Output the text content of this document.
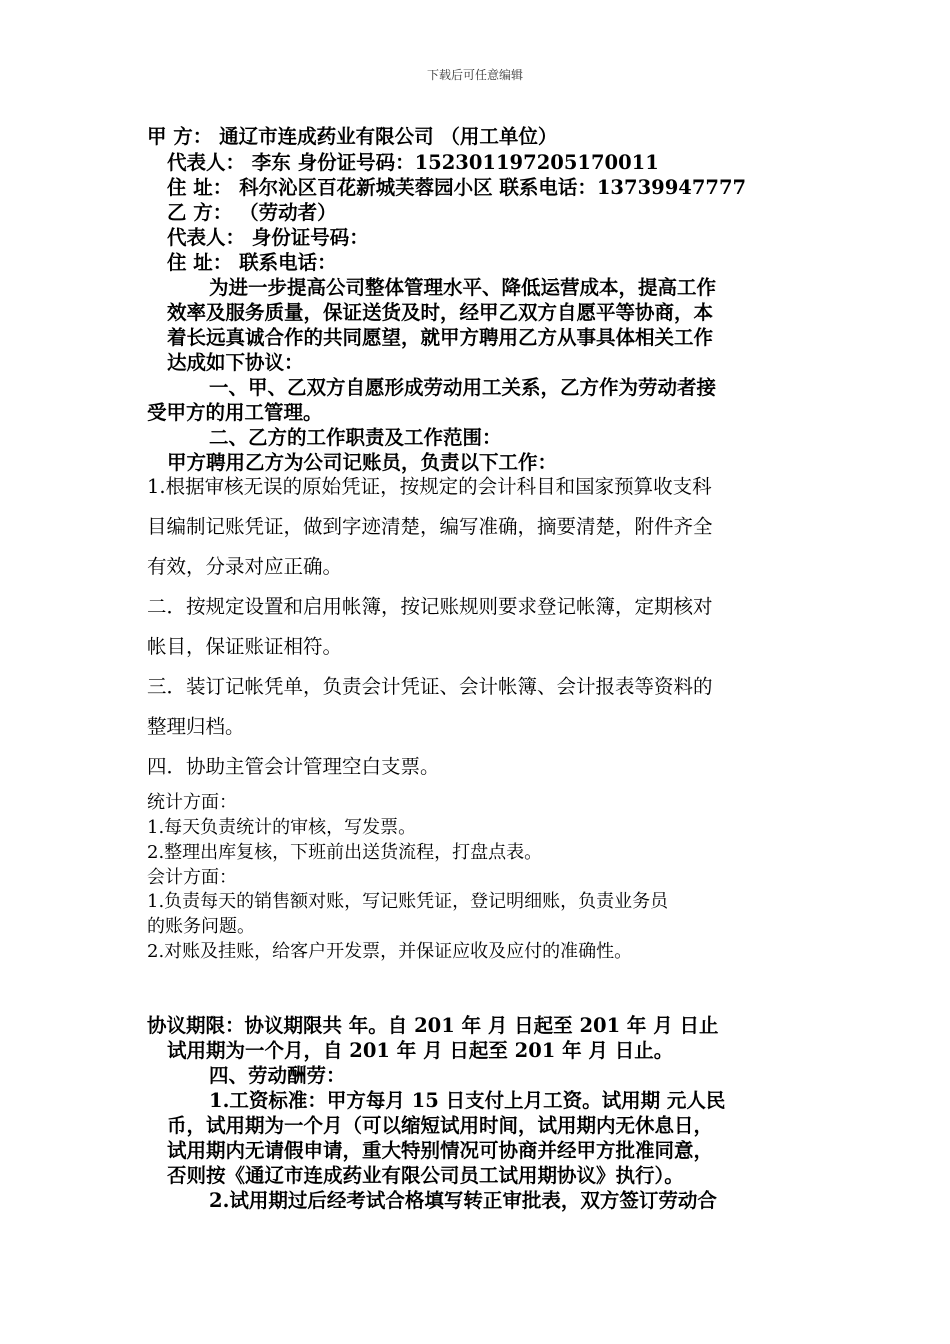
下载后可任意编辑
甲 方： 通辽市连成药业有限公司 （用工单位）
代表人： 李东 身份证号码：152301197205170011
住 址： 科尔沁区百花新城芙蓉园小区 联系电话：13739947777
乙 方： （劳动者）
代表人： 身份证号码：
住 址： 联系电话：
为进一步提高公司整体管理水平、降低运营成本，提高工作
效率及服务质量，保证送货及时，经甲乙双方自愿平等协商，本
着长远真诚合作的共同愿望，就甲方聘用乙方从事具体相关工作
达成如下协议：
一、甲、乙双方自愿形成劳动用工关系，乙方作为劳动者接
受甲方的用工管理。
二、乙方的工作职责及工作范围：
甲方聘用乙方为公司记账员，负责以下工作：
1.根据审核无误的原始凭证，按规定的会计科目和国家预算收支科
目编制记账凭证，做到字迹清楚，编写准确，摘要清楚，附件齐全
有效，分录对应正确。
二．按规定设置和启用帐簿，按记账规则要求登记帐簿，定期核对
帐目，保证账证相符。
三．装订记帐凭单，负责会计凭证、会计帐簿、会计报表等资料的
整理归档。
四．协助主管会计管理空白支票。
统计方面：
1.每天负责统计的审核，写发票。
2.整理出库复核，下班前出送货流程，打盘点表。
会计方面：
1.负责每天的销售额对账，写记账凭证，登记明细账，负责业务员
的账务问题。
2.对账及挂账，给客户开发票，并保证应收及应付的准确性。
协议期限：协议期限共 年。自 201 年 月 日起至 201 年 月 日止
试用期为一个月，自 201 年 月 日起至 201 年 月 日止。
四、劳动酬劳：
1.工资标准：甲方每月 15 日支付上月工资。试用期 元人民
币，试用期为一个月（可以缩短试用时间，试用期内无休息日，
试用期内无请假申请，重大特别情况可协商并经甲方批准同意，
否则按《通辽市连成药业有限公司员工试用期协议》执行）。
2.试用期过后经考试合格填写转正审批表，双方签订劳动合
